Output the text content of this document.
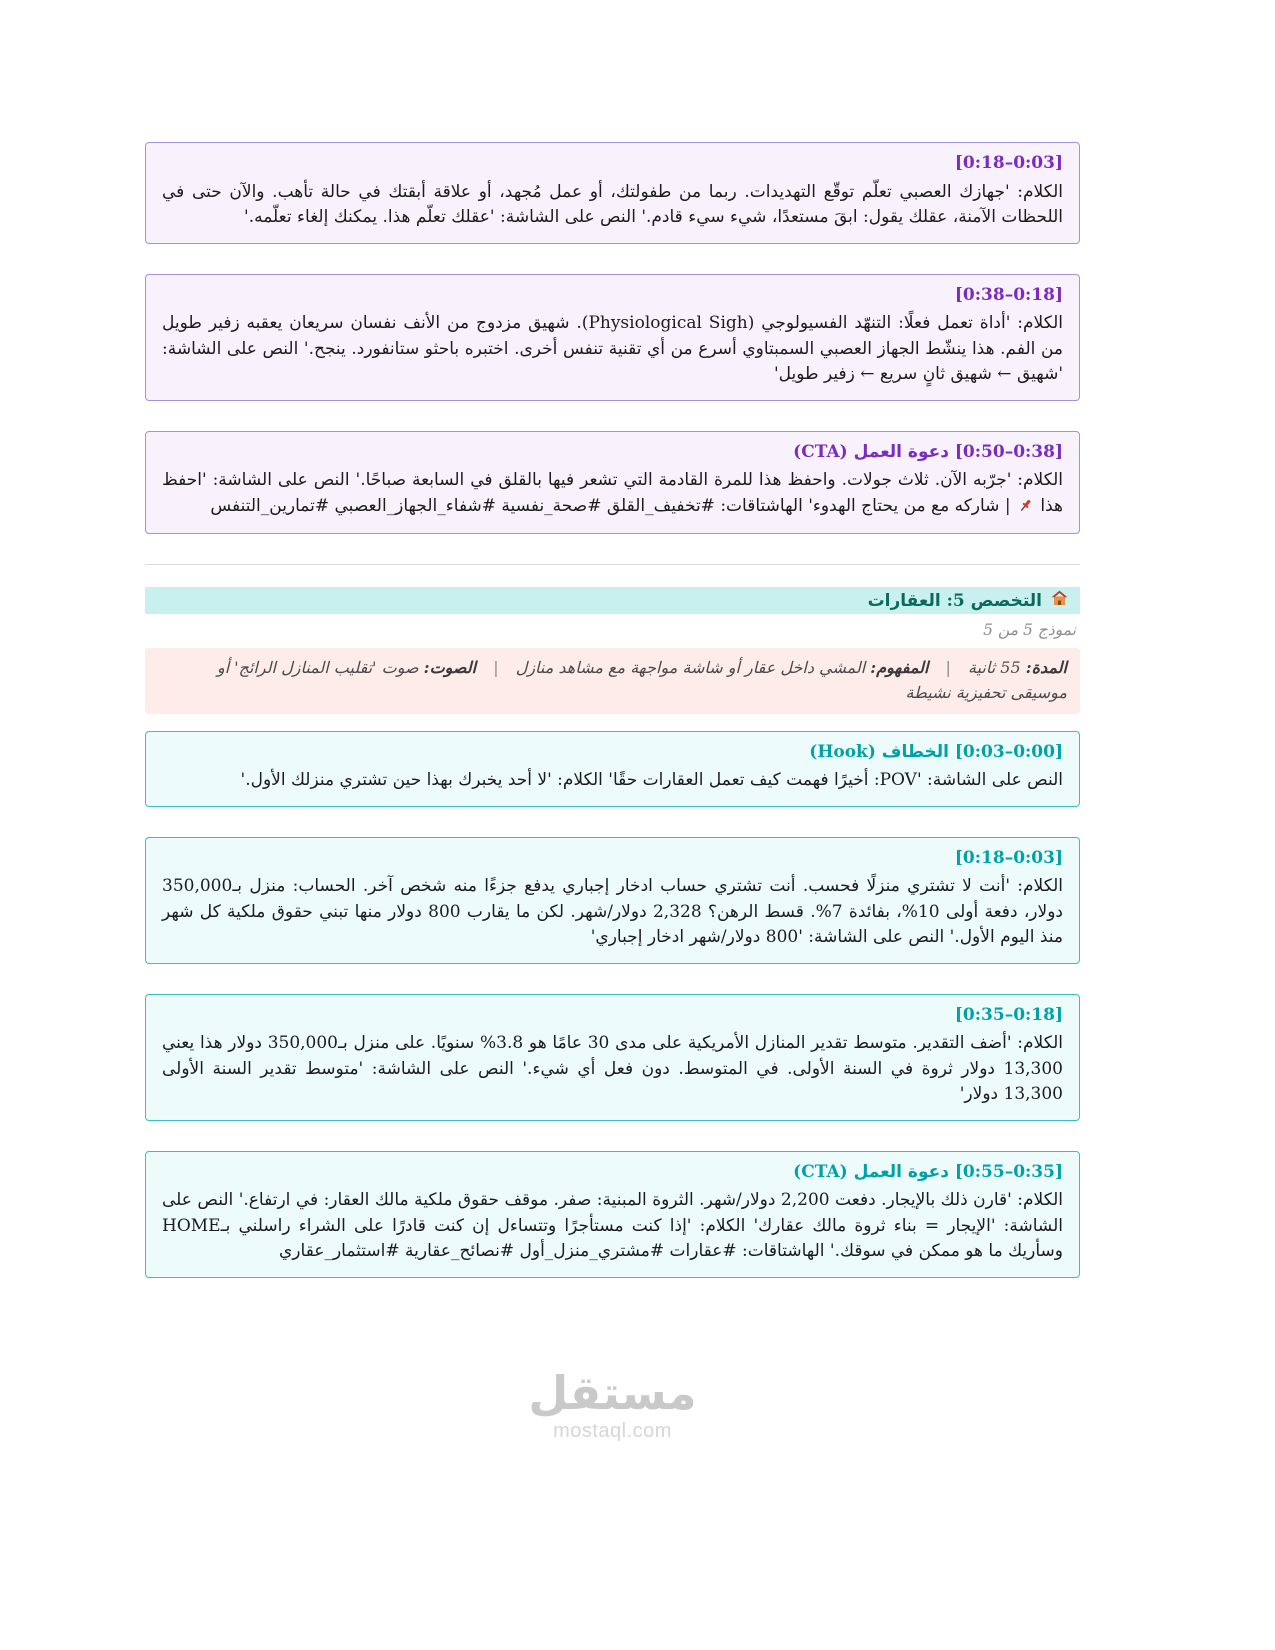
[0:03–0:18]
الكلام: 'جهازك العصبي تعلّم توقّع التهديدات. ربما من طفولتك، أو عمل مُجهد، أو علاقة أبقتك في حالة تأهب. والآن حتى في اللحظات الآمنة، عقلك يقول: ابقَ مستعدًا، شيء سيء قادم.' النص على الشاشة: 'عقلك تعلّم هذا. يمكنك إلغاء تعلّمه.'
[0:18–0:38]
الكلام: 'أداة تعمل فعلًا: التنهّد الفسيولوجي (Physiological Sigh). شهيق مزدوج من الأنف نفسان سريعان يعقبه زفير طويل من الفم. هذا ينشّط الجهاز العصبي السمبتاوي أسرع من أي تقنية تنفس أخرى. اختبره باحثو ستانفورد. ينجح.' النص على الشاشة: 'شهيق ← شهيق ثانٍ سريع ← زفير طويل'
[0:38–0:50] دعوة العمل (CTA)
الكلام: 'جرّبه الآن. ثلاث جولات. واحفظ هذا للمرة القادمة التي تشعر فيها بالقلق في السابعة صباحًا.' النص على الشاشة: 'احفظ هذا  | شاركه مع من يحتاج الهدوء' الهاشتاقات: #تخفيف_القلق #صحة_نفسية #شفاء_الجهاز_العصبي #تمارين_التنفس
التخصص 5: العقارات
نموذج 5 من 5
المدة: 55 ثانية | المفهوم: المشي داخل عقار أو شاشة مواجهة مع مشاهد منازل | الصوت: صوت 'تقليب المنازل الرائج' أو موسيقى تحفيزية نشيطة
[0:00–0:03] الخطاف (Hook)
النص على الشاشة: 'POV: أخيرًا فهمت كيف تعمل العقارات حقًا' الكلام: 'لا أحد يخبرك بهذا حين تشتري منزلك الأول.'
[0:03–0:18]
الكلام: 'أنت لا تشتري منزلًا فحسب. أنت تشتري حساب ادخار إجباري يدفع جزءًا منه شخص آخر. الحساب: منزل بـ350,000 دولار، دفعة أولى 10%، بفائدة 7%. قسط الرهن؟ 2,328 دولار/شهر. لكن ما يقارب 800 دولار منها تبني حقوق ملكية كل شهر منذ اليوم الأول.' النص على الشاشة: '800 دولار/شهر ادخار إجباري'
[0:18–0:35]
الكلام: 'أضف التقدير. متوسط تقدير المنازل الأمريكية على مدى 30 عامًا هو 3.8% سنويًا. على منزل بـ350,000 دولار هذا يعني 13,300 دولار ثروة في السنة الأولى. في المتوسط. دون فعل أي شيء.' النص على الشاشة: 'متوسط تقدير السنة الأولى 13,300 دولار'
[0:35–0:55] دعوة العمل (CTA)
الكلام: 'قارن ذلك بالإيجار. دفعت 2,200 دولار/شهر. الثروة المبنية: صفر. موقف حقوق ملكية مالك العقار: في ارتفاع.' النص على الشاشة: 'الإيجار = بناء ثروة مالك عقارك' الكلام: 'إذا كنت مستأجرًا وتتساءل إن كنت قادرًا على الشراء راسلني بـHOME وسأريك ما هو ممكن في سوقك.' الهاشتاقات: #عقارات #مشتري_منزل_أول #نصائح_عقارية #استثمار_عقاري
مستقل
mostaql.com
